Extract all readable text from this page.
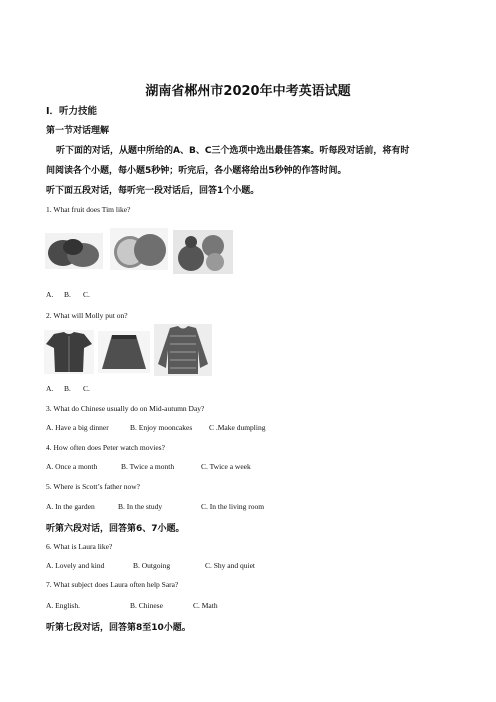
湖南省郴州市2020年中考英语试题
I．听力技能
第一节对话理解
听下面的对话，从题中所给的A、B、C三个选项中选出最佳答案。听每段对话前，将有时
间阅读各个小题，每小题5秒钟；听完后，各小题将给出5秒钟的作答时间。
听下面五段对话，每听完一段对话后，回答1个小题。
1. What fruit does Tim like?
A. B. C.
2. What will Molly put on?
A. B. C.
3. What do Chinese usually do on Mid-autumn Day?
A. Have a big dinner	B. Enjoy mooncakes C .Make dumpling
4. How often does Peter watch movies?
A. Once a month	B. Twice a month	C. Twice a week
5. Where is Scott’s father now?
A. In the garden	B. In the study	C. In the living room
听第六段对话，回答第6、7小题。
6. What is Laura like?
A. Lovely and kind	B. Outgoing	C. Shy and quiet
7. What subject does Laura often help Sara?
A. English.	B. Chinese	C. Math
听第七段对话，回答第8至10小题。
